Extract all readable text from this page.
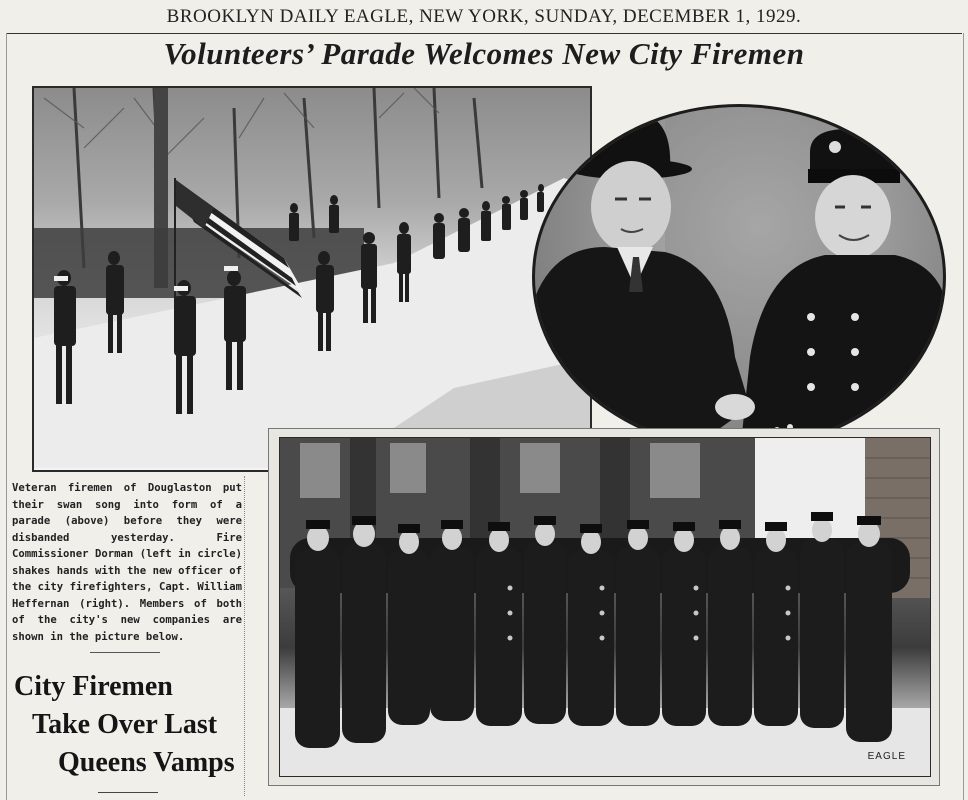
BROOKLYN DAILY EAGLE, NEW YORK, SUNDAY, DECEMBER 1, 1929.
Volunteers’ Parade Welcomes New City Firemen
Veteran firemen of Douglaston put their swan song into form of a parade (above) before they were disbanded yesterday. Fire Commissioner Dorman (left in circle) shakes hands with the new officer of the city firefighters, Capt. William Heffernan (right). Members of both of the city's new companies are shown in the picture below.
City Firemen
Take Over Last
Queens Vamps	EAGLE
